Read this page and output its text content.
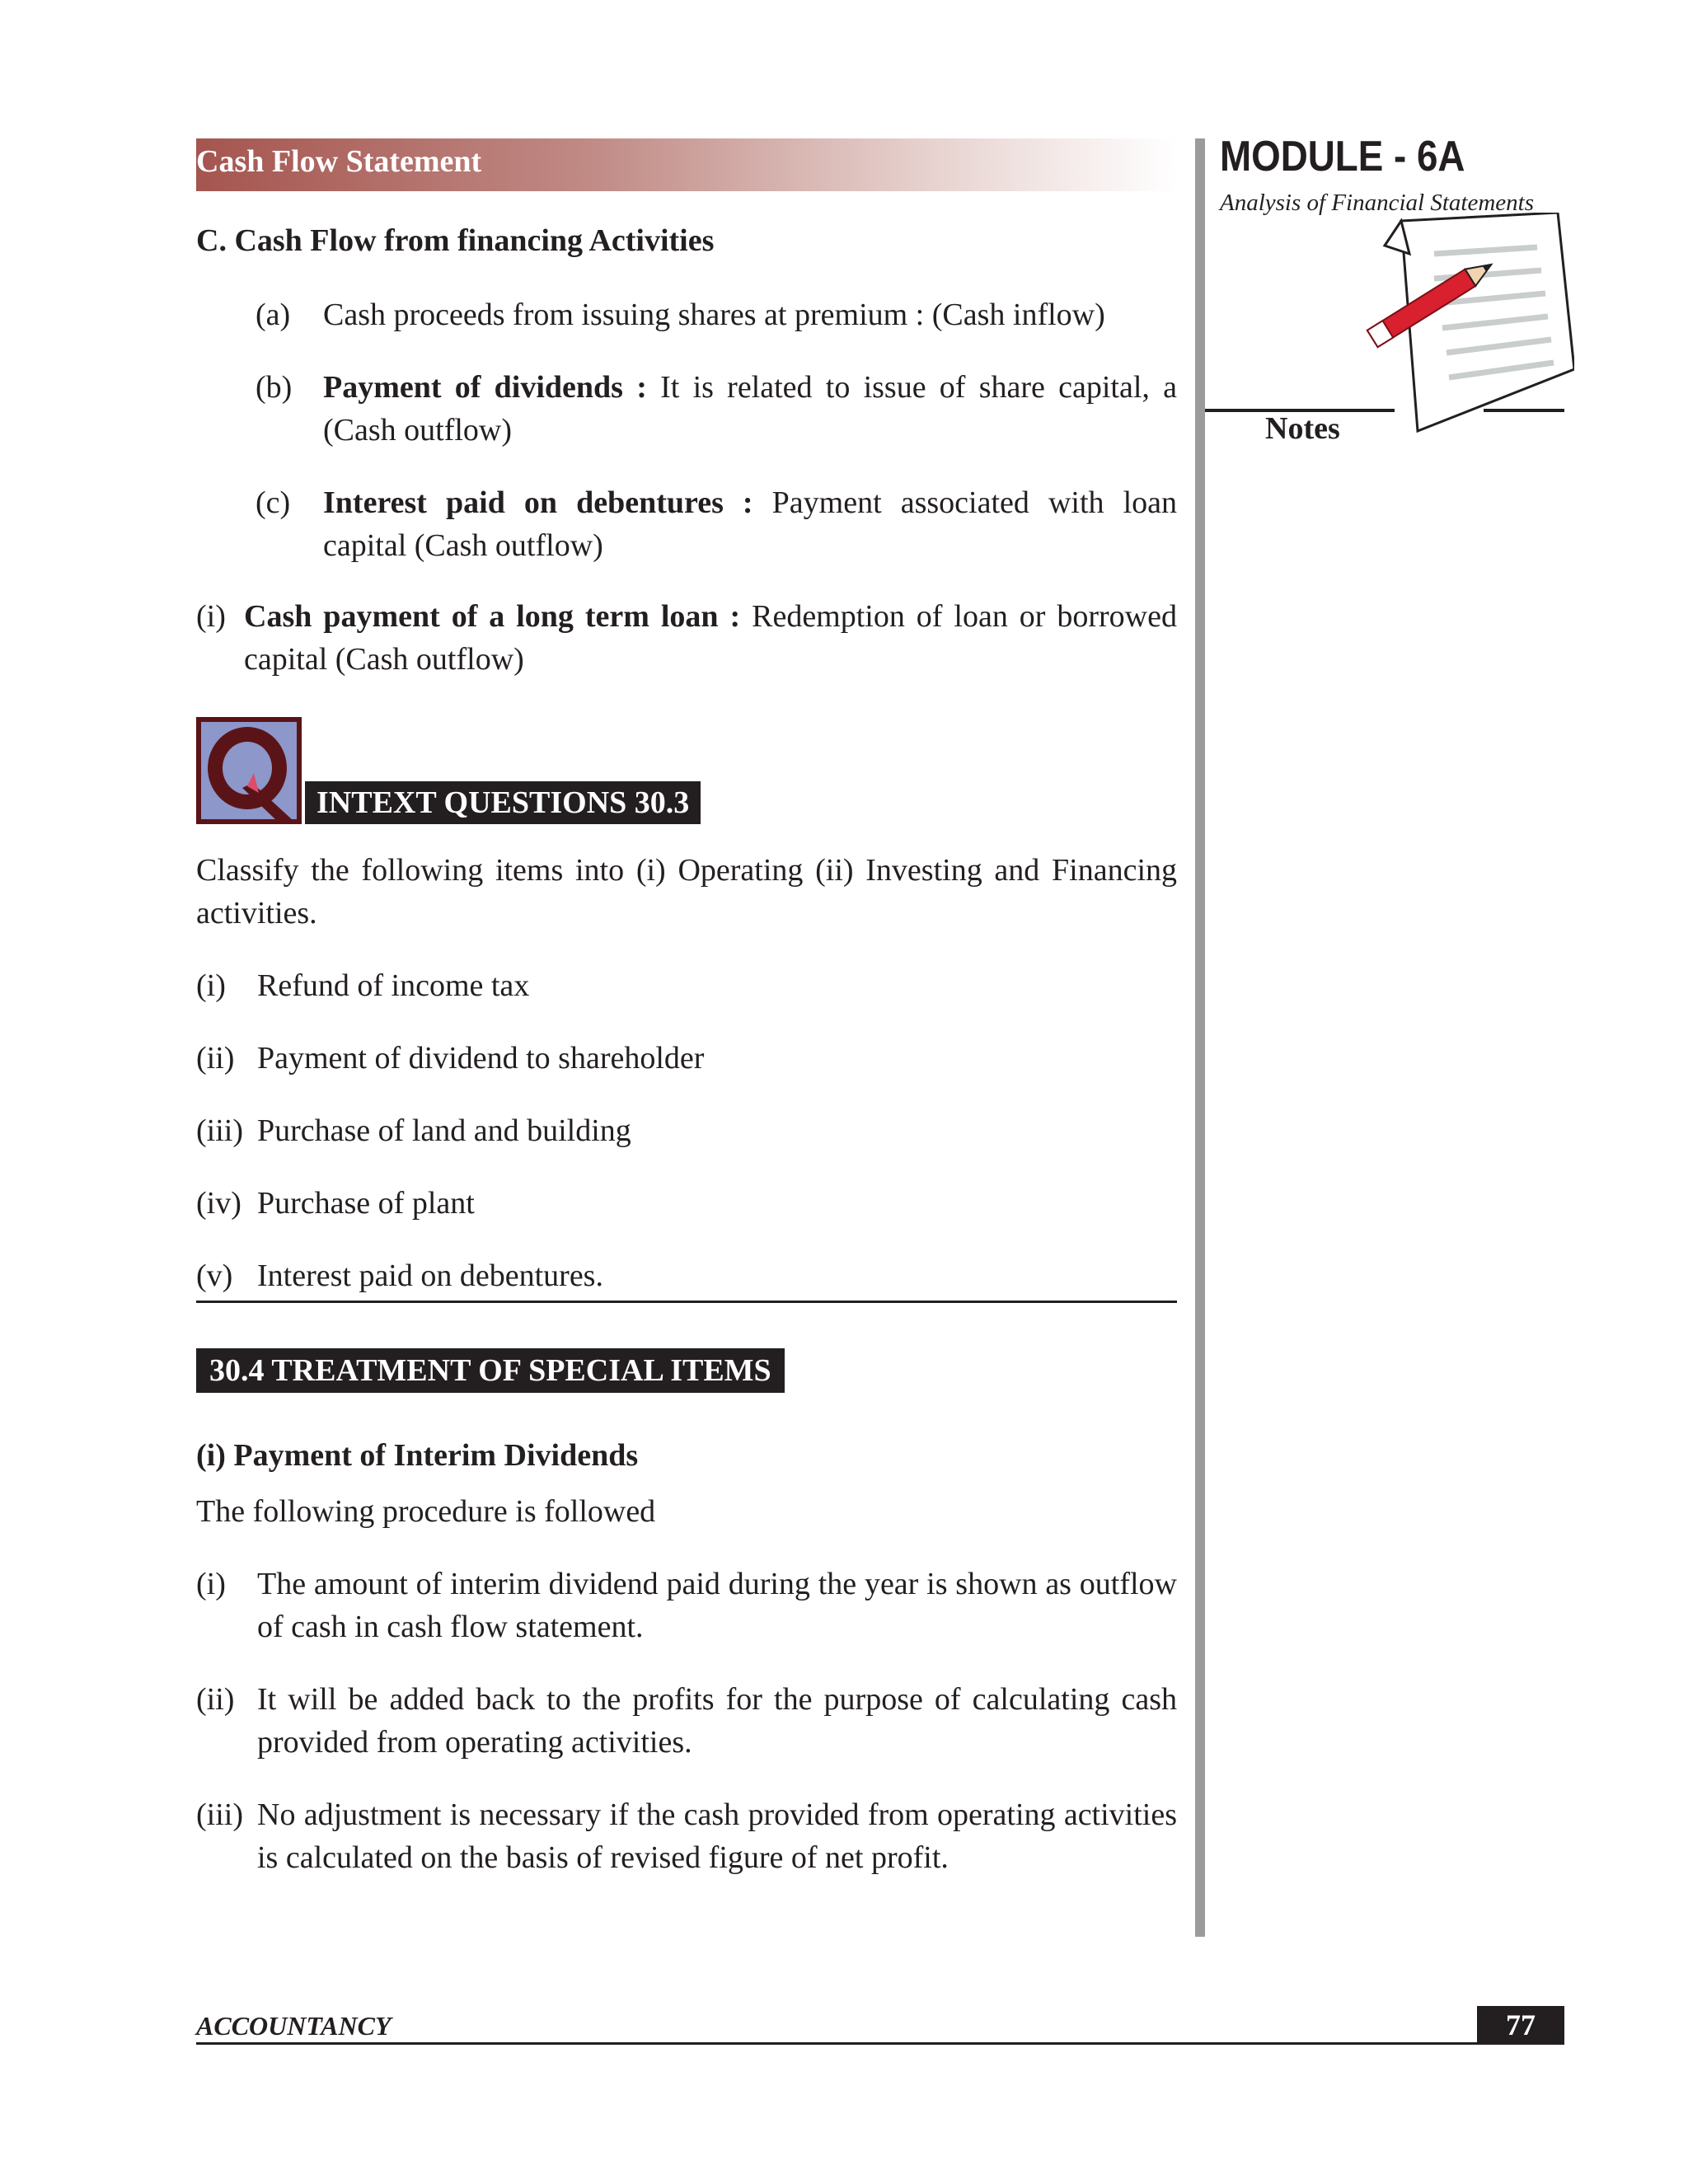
Cash Flow Statement	MODULE - 6A
Analysis of Financial Statements
Notes
C. Cash Flow from financing Activities
(a) Cash proceeds from issuing shares at premium : (Cash inflow)
(b) Payment of dividends : It is related to issue of share capital, a (Cash outflow)
(c) Interest paid on debentures : Payment associated with loan capital (Cash outflow)
(i) Cash payment of a long term loan : Redemption of loan or borrowed capital (Cash outflow)
INTEXT QUESTIONS 30.3
Classify the following items into (i) Operating (ii) Investing and Financing activities.
(i) Refund of income tax
(ii) Payment of dividend to shareholder
(iii) Purchase of land and building
(iv) Purchase of plant
(v) Interest paid on debentures.
30.4 TREATMENT OF SPECIAL ITEMS
(i) Payment of Interim Dividends
The following procedure is followed
(i) The amount of interim dividend paid during the year is shown as outflow of cash in cash flow statement.
(ii) It will be added back to the profits for the purpose of calculating cash provided from operating activities.
(iii) No adjustment is necessary if the cash provided from operating activities is calculated on the basis of revised figure of net profit.
ACCOUNTANCY	77
